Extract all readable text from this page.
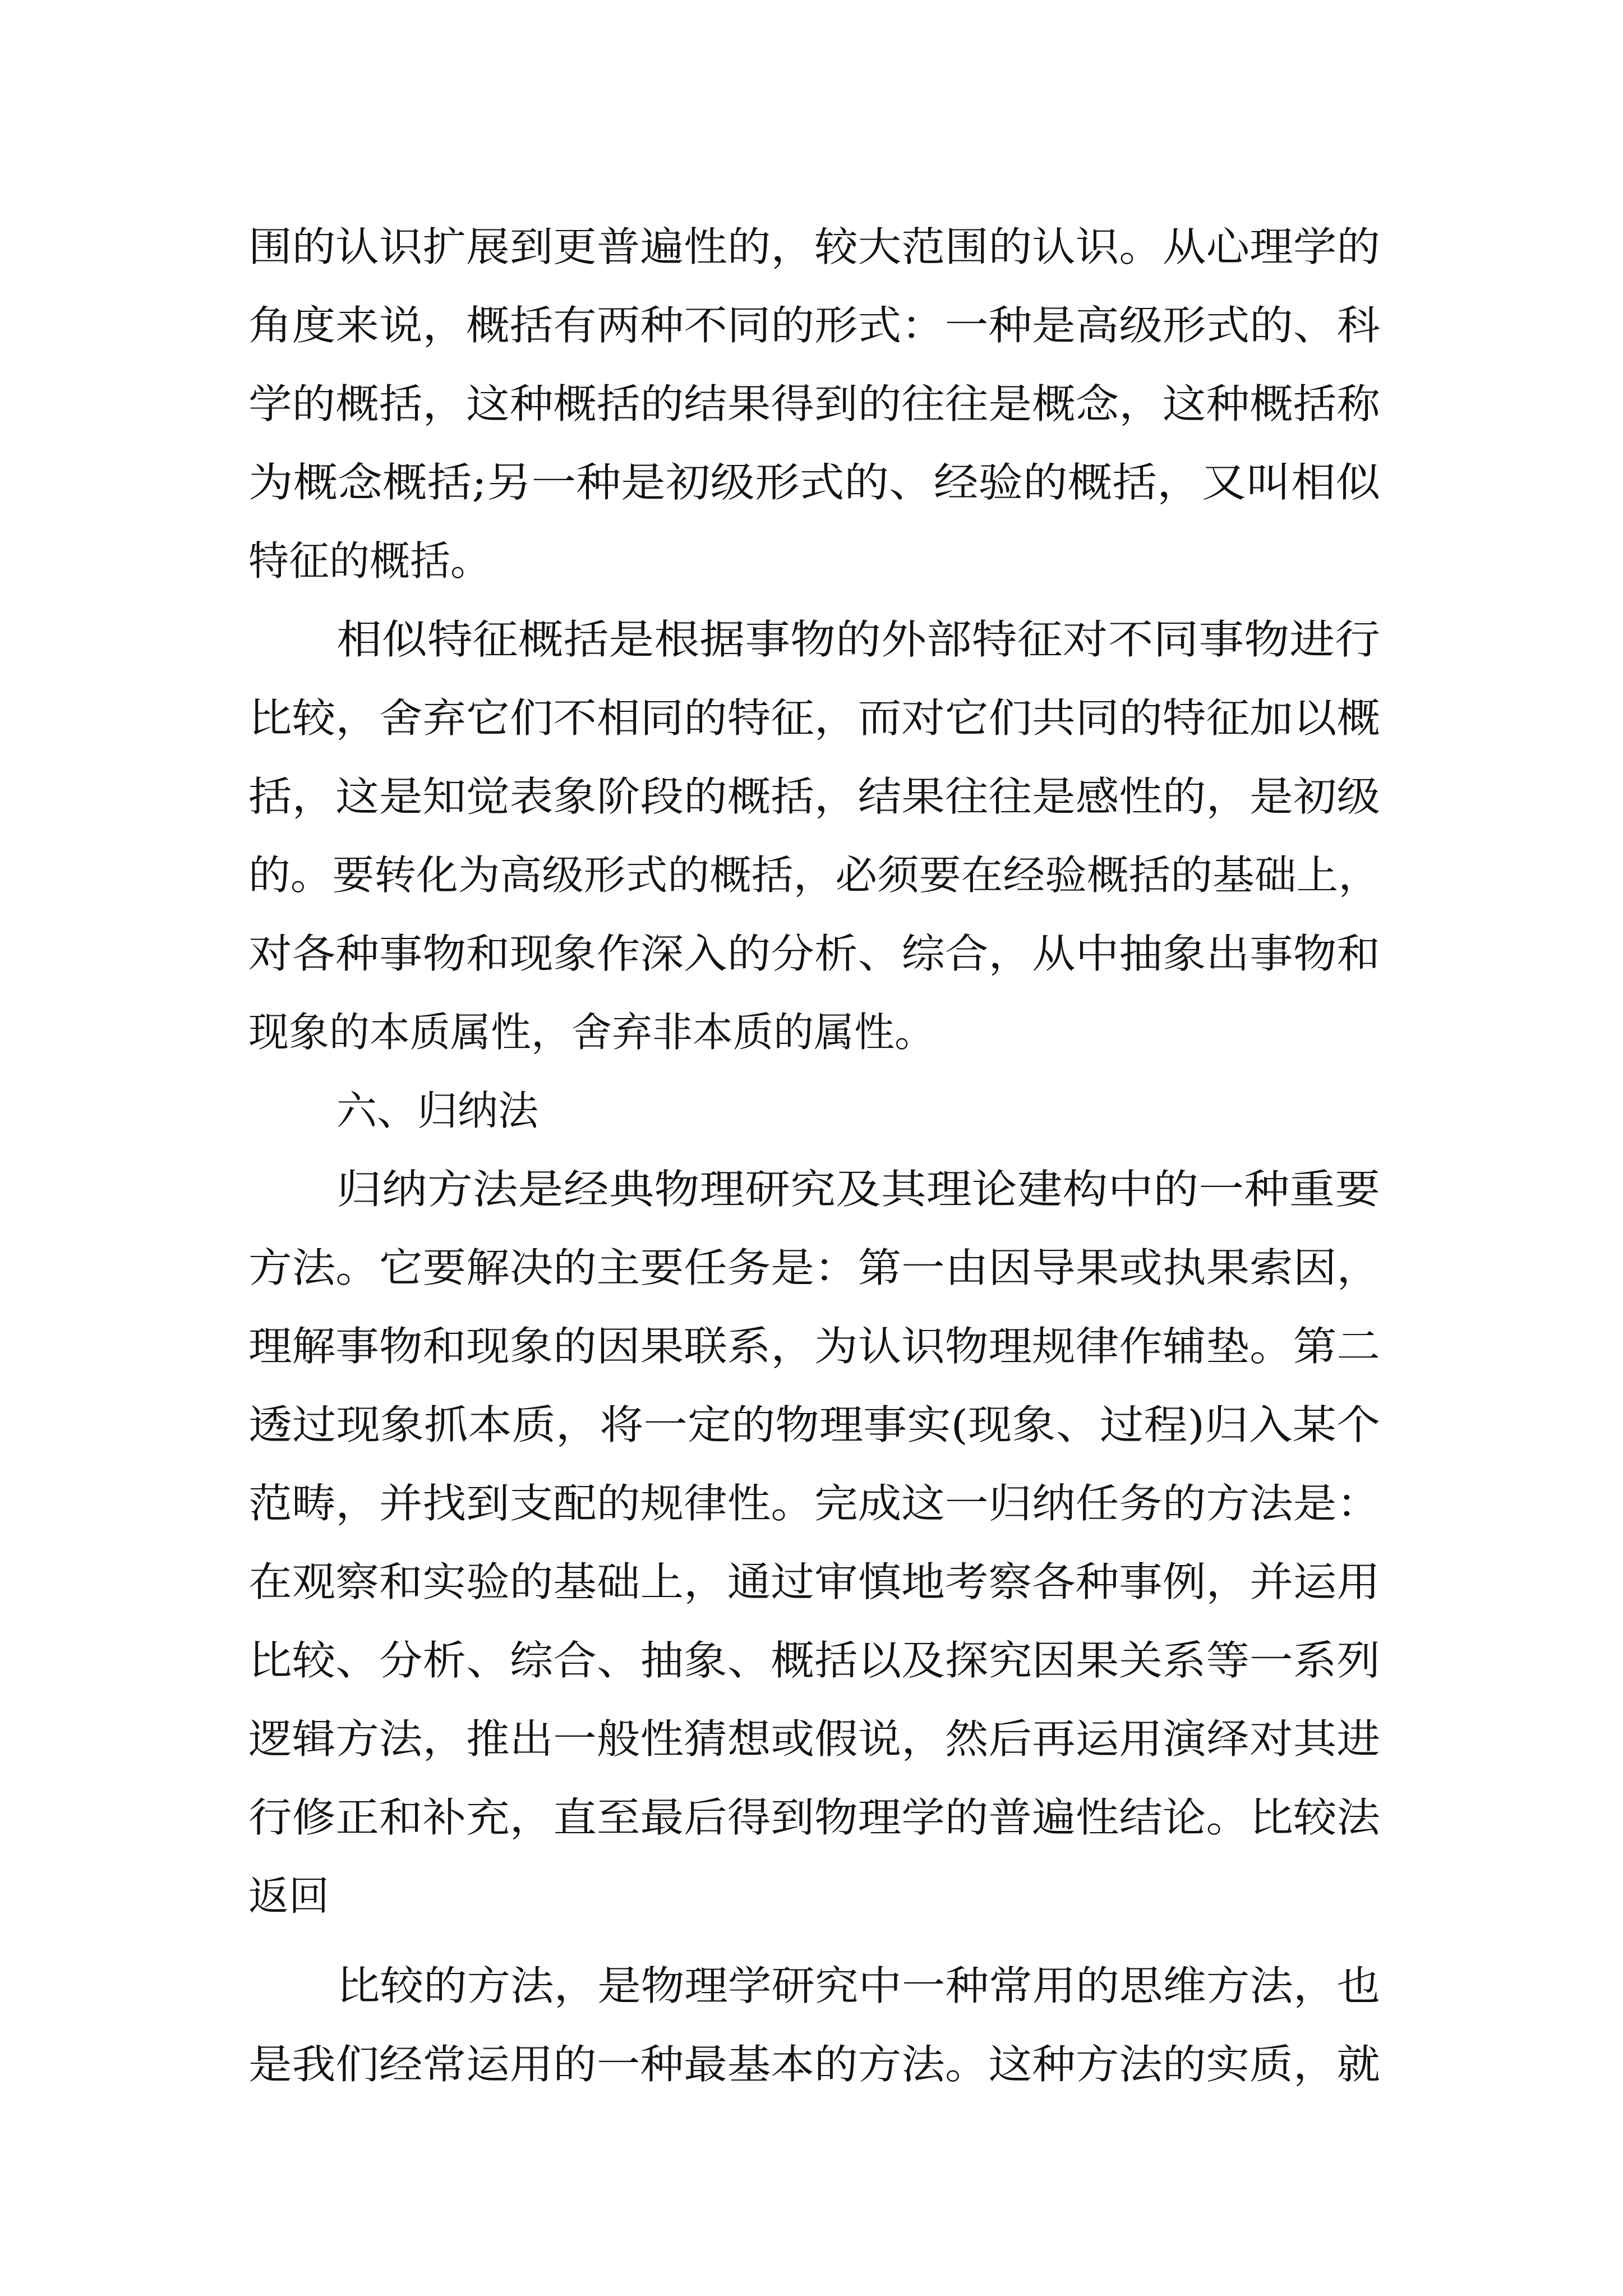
围的认识扩展到更普遍性的，较大范围的认识。从心理学的

角度来说，概括有两种不同的形式：一种是高级形式的、科

学的概括，这种概括的结果得到的往往是概念，这种概括称

为概念概括;另一种是初级形式的、经验的概括，又叫相似

特征的概括。

相似特征概括是根据事物的外部特征对不同事物进行

比较，舍弃它们不相同的特征，而对它们共同的特征加以概

括，这是知觉表象阶段的概括，结果往往是感性的，是初级

的。要转化为高级形式的概括，必须要在经验概括的基础上，

对各种事物和现象作深入的分析、综合，从中抽象出事物和

现象的本质属性，舍弃非本质的属性。

六、归纳法

归纳方法是经典物理研究及其理论建构中的一种重要

方法。它要解决的主要任务是：第一由因导果或执果索因，

理解事物和现象的因果联系，为认识物理规律作辅垫。第二

透过现象抓本质，将一定的物理事实(现象、过程)归入某个

范畴，并找到支配的规律性。完成这一归纳任务的方法是：

在观察和实验的基础上，通过审慎地考察各种事例，并运用

比较、分析、综合、抽象、概括以及探究因果关系等一系列

逻辑方法，推出一般性猜想或假说，然后再运用演绎对其进

行修正和补充，直至最后得到物理学的普遍性结论。比较法

返回

比较的方法，是物理学研究中一种常用的思维方法，也

是我们经常运用的一种最基本的方法。这种方法的实质，就
